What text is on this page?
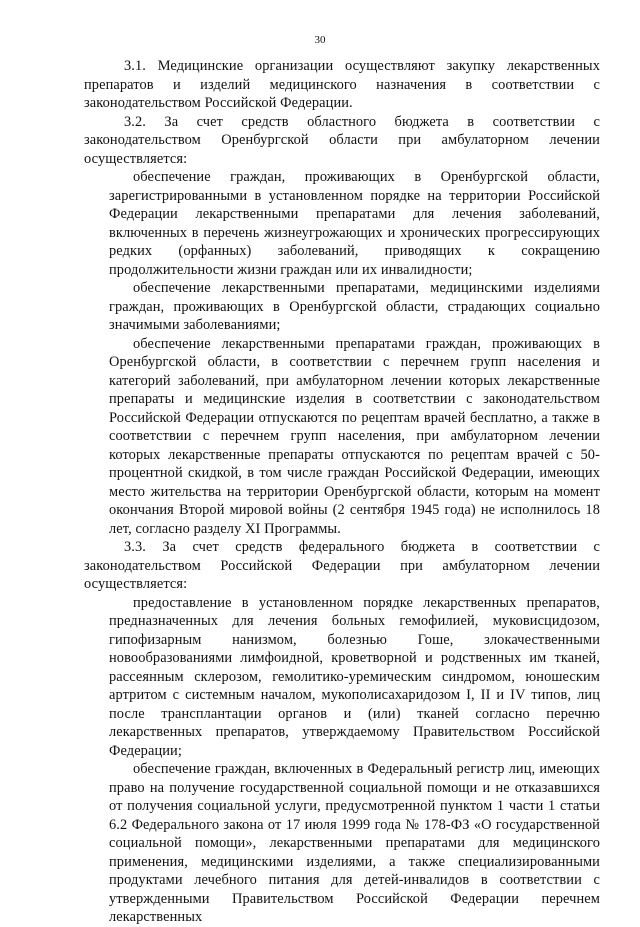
30

3.1. Медицинские организации осуществляют закупку лекарственных препаратов и изделий медицинского назначения в соответствии с законодательством Российской Федерации.

3.2. За счет средств областного бюджета в соответствии с законодательством Оренбургской области при амбулаторном лечении осуществляется:

обеспечение граждан, проживающих в Оренбургской области, зарегистрированными в установленном порядке на территории Российской Федерации лекарственными препаратами для лечения заболеваний, включенных в перечень жизнеугрожающих и хронических прогрессирующих редких (орфанных) заболеваний, приводящих к сокращению продолжительности жизни граждан или их инвалидности;

обеспечение лекарственными препаратами, медицинскими изделиями граждан, проживающих в Оренбургской области, страдающих социально значимыми заболеваниями;

обеспечение лекарственными препаратами граждан, проживающих в Оренбургской области, в соответствии с перечнем групп населения и категорий заболеваний, при амбулаторном лечении которых лекарственные препараты и медицинские изделия в соответствии с законодательством Российской Федерации отпускаются по рецептам врачей бесплатно, а также в соответствии с перечнем групп населения, при амбулаторном лечении которых лекарственные препараты отпускаются по рецептам врачей с 50-процентной скидкой, в том числе граждан Российской Федерации, имеющих место жительства на территории Оренбургской области, которым на момент окончания Второй мировой войны (2 сентября 1945 года) не исполнилось 18 лет, согласно разделу XI Программы.

3.3. За счет средств федерального бюджета в соответствии с законодательством Российской Федерации при амбулаторном лечении осуществляется:

предоставление в установленном порядке лекарственных препаратов, предназначенных для лечения больных гемофилией, муковисцидозом, гипофизарным нанизмом, болезнью Гоше, злокачественными новообразованиями лимфоидной, кроветворной и родственных им тканей, рассеянным склерозом, гемолитико-уремическим синдромом, юношеским артритом с системным началом, мукополисахаридозом I, II и IV типов, лиц после трансплантации органов и (или) тканей согласно перечню лекарственных препаратов, утверждаемому Правительством Российской Федерации;

обеспечение граждан, включенных в Федеральный регистр лиц, имеющих право на получение государственной социальной помощи и не отказавшихся от получения социальной услуги, предусмотренной пунктом 1 части 1 статьи 6.2 Федерального закона от 17 июля 1999 года № 178-ФЗ «О государственной социальной помощи», лекарственными препаратами для медицинского применения, медицинскими изделиями, а также специализированными продуктами лечебного питания для детей-инвалидов в соответствии с утвержденными Правительством Российской Федерации перечнем лекарственных
